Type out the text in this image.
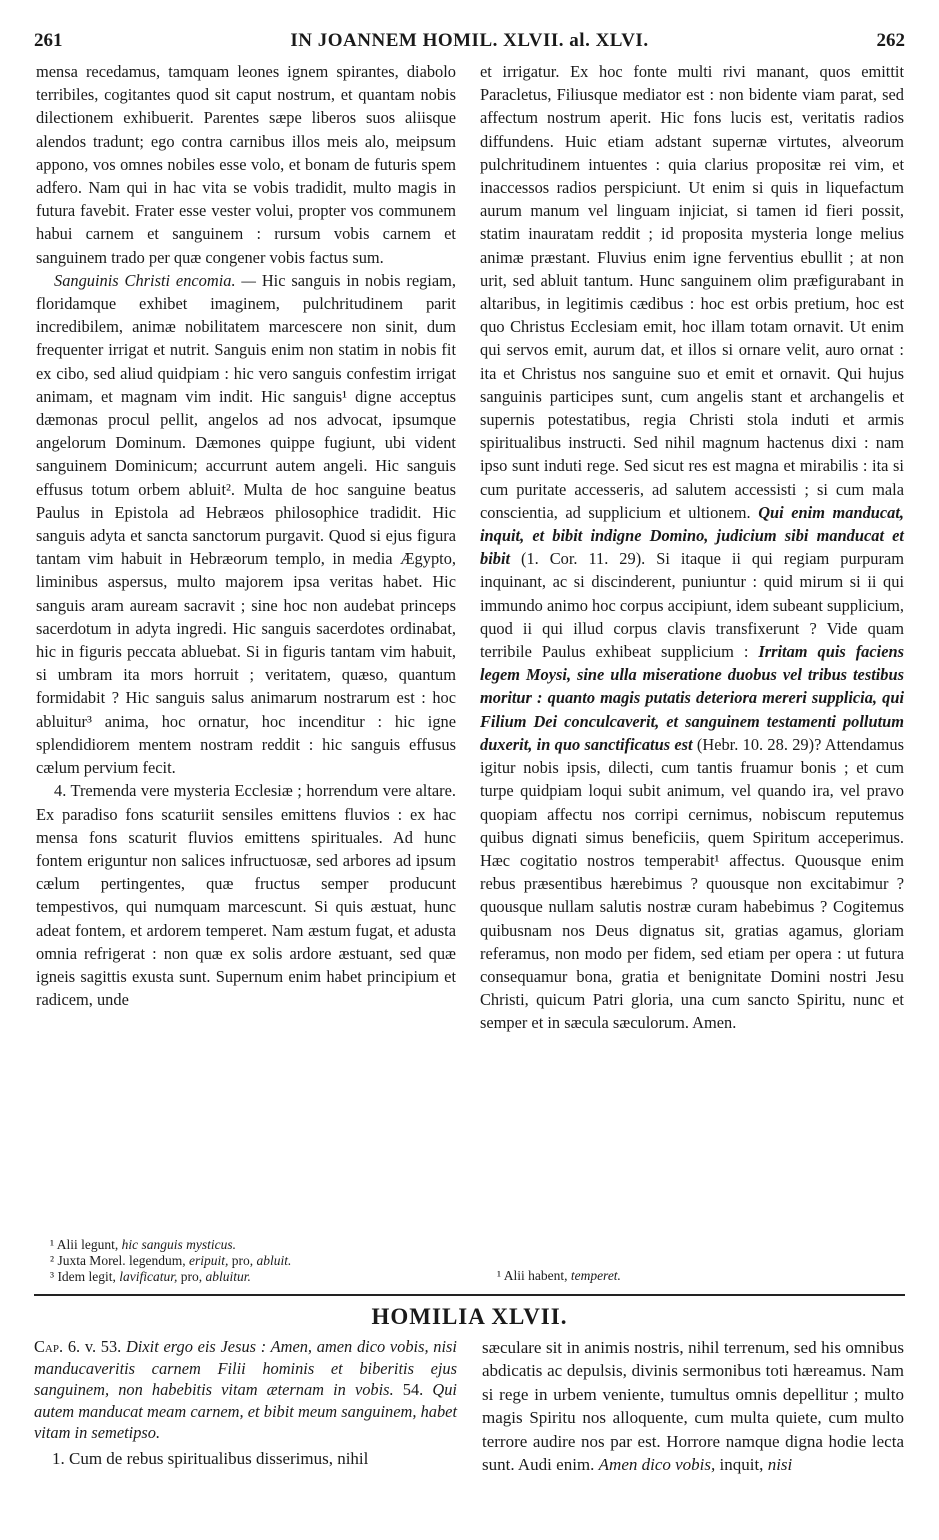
261	IN JOANNEM HOMIL. XLVII. al. XLVI.	262

mensa recedamus, tamquam leones ignem spirantes, diabolo terribiles, cogitantes quod sit caput nostrum, et quantam nobis dilectionem exhibuerit. Parentes sæpe liberos suos aliisque alendos tradunt; ego contra carnibus illos meis alo, meipsum appono, vos omnes nobiles esse volo, et bonam de futuris spem adfero. Nam qui in hac vita se vobis tradidit, multo magis in futura favebit. Frater esse vester volui, propter vos communem habui carnem et sanguinem : rursum vobis carnem et sanguinem trado per quæ congener vobis factus sum.

Sanguinis Christi encomia. — Hic sanguis in nobis regiam, floridamque exhibet imaginem, pulchritudinem parit incredibilem, animæ nobilitatem marcescere non sinit, dum frequenter irrigat et nutrit. Sanguis enim non statim in nobis fit ex cibo, sed aliud quidpiam : hic vero sanguis confestim irrigat animam, et magnam vim indit. Hic sanguis¹ digne acceptus dæmonas procul pellit, angelos ad nos advocat, ipsumque angelorum Dominum. Dæmones quippe fugiunt, ubi vident sanguinem Dominicum; accurrunt autem angeli. Hic sanguis effusus totum orbem abluit². Multa de hoc sanguine beatus Paulus in Epistola ad Hebræos philosophice tradidit. Hic sanguis adyta et sancta sanctorum purgavit. Quod si ejus figura tantam vim habuit in Hebræorum templo, in media Ægypto, liminibus aspersus, multo majorem ipsa veritas habet. Hic sanguis aram auream sacravit ; sine hoc non audebat princeps sacerdotum in adyta ingredi. Hic sanguis sacerdotes ordinabat, hic in figuris peccata abluebat. Si in figuris tantam vim habuit, si umbram ita mors horruit ; veritatem, quæso, quantum formidabit ? Hic sanguis salus animarum nostrarum est : hoc abluitur³ anima, hoc ornatur, hoc incenditur : hic igne splendidiorem mentem nostram reddit : hic sanguis effusus cælum pervium fecit.

4. Tremenda vere mysteria Ecclesiæ ; horrendum vere altare. Ex paradiso fons scaturiit sensiles emittens fluvios : ex hac mensa fons scaturit fluvios emittens spirituales. Ad hunc fontem eriguntur non salices infructuosæ, sed arbores ad ipsum cælum pertingentes, quæ fructus semper producunt tempestivos, qui numquam marcescunt. Si quis æstuat, hunc adeat fontem, et ardorem temperet. Nam æstum fugat, et adusta omnia refrigerat : non quæ ex solis ardore æstuant, sed quæ igneis sagittis exusta sunt. Supernum enim habet principium et radicem, unde

et irrigatur. Ex hoc fonte multi rivi manant, quos emittit Paracletus, Filiusque mediator est : non bidente viam parat, sed affectum nostrum aperit. Hic fons lucis est, veritatis radios diffundens. Huic etiam adstant supernæ virtutes, alveorum pulchritudinem intuentes : quia clarius propositæ rei vim, et inaccessos radios perspiciunt. Ut enim si quis in liquefactum aurum manum vel linguam injiciat, si tamen id fieri possit, statim inauratam reddit ; id proposita mysteria longe melius animæ præstant. Fluvius enim igne ferventius ebullit ; at non urit, sed abluit tantum. Hunc sanguinem olim præfigurabant in altaribus, in legitimis cædibus : hoc est orbis pretium, hoc est quo Christus Ecclesiam emit, hoc illam totam ornavit. Ut enim qui servos emit, aurum dat, et illos si ornare velit, auro ornat : ita et Christus nos sanguine suo et emit et ornavit. Qui hujus sanguinis participes sunt, cum angelis stant et archangelis et supernis potestatibus, regia Christi stola induti et armis spiritualibus instructi. Sed nihil magnum hactenus dixi : nam ipso sunt induti rege. Sed sicut res est magna et mirabilis : ita si cum puritate accesseris, ad salutem accessisti ; si cum mala conscientia, ad supplicium et ultionem. Qui enim manducat, inquit, et bibit indigne Domino, judicium sibi manducat et bibit (1. Cor. 11. 29). Si itaque ii qui regiam purpuram inquinant, ac si discinderent, puniuntur : quid mirum si ii qui immundo animo hoc corpus accipiunt, idem subeant supplicium, quod ii qui illud corpus clavis transfixerunt ? Vide quam terribile Paulus exhibeat supplicium : Irritam quis faciens legem Moysi, sine ulla miseratione duobus vel tribus testibus moritur : quanto magis putatis deteriora mereri supplicia, qui Filium Dei conculcaverit, et sanguinem testamenti pollutum duxerit, in quo sanctificatus est (Hebr. 10. 28. 29)? Attendamus igitur nobis ipsis, dilecti, cum tantis fruamur bonis ; et cum turpe quidpiam loqui subit animum, vel quando ira, vel pravo quopiam affectu nos corripi cernimus, nobiscum reputemus quibus dignati simus beneficiis, quem Spiritum acceperimus. Hæc cogitatio nostros temperabit¹ affectus. Quousque enim rebus præsentibus hærebimus ? quousque non excitabimur ? quousque nullam salutis nostræ curam habebimus ? Cogitemus quibusnam nos Deus dignatus sit, gratias agamus, gloriam referamus, non modo per fidem, sed etiam per opera : ut futura consequamur bona, gratia et benignitate Domini nostri Jesu Christi, quicum Patri gloria, una cum sancto Spiritu, nunc et semper et in sæcula sæculorum. Amen.

¹ Alii legunt, hic sanguis mysticus.

² Juxta Morel. legendum, eripuit, pro, abluit.

³ Idem legit, lavificatur, pro, abluitur.	¹ Alii habent, temperet.

HOMILIA XLVII.

Cap. 6. v. 53. Dixit ergo eis Jesus : Amen, amen dico vobis, nisi manducaveritis carnem Filii hominis et biberitis ejus sanguinem, non habebitis vitam æternam in vobis. 54. Qui autem manducat meam carnem, et bibit meum sanguinem, habet vitam in semetipso.

1. Cum de rebus spiritualibus disserimus, nihil

sæculare sit in animis nostris, nihil terrenum, sed his omnibus abdicatis ac depulsis, divinis sermonibus toti hæreamus. Nam si rege in urbem veniente, tumultus omnis depellitur ; multo magis Spiritu nos alloquente, cum multa quiete, cum multo terrore audire nos par est. Horrore namque digna hodie lecta sunt. Audi enim. Amen dico vobis, inquit, nisi
